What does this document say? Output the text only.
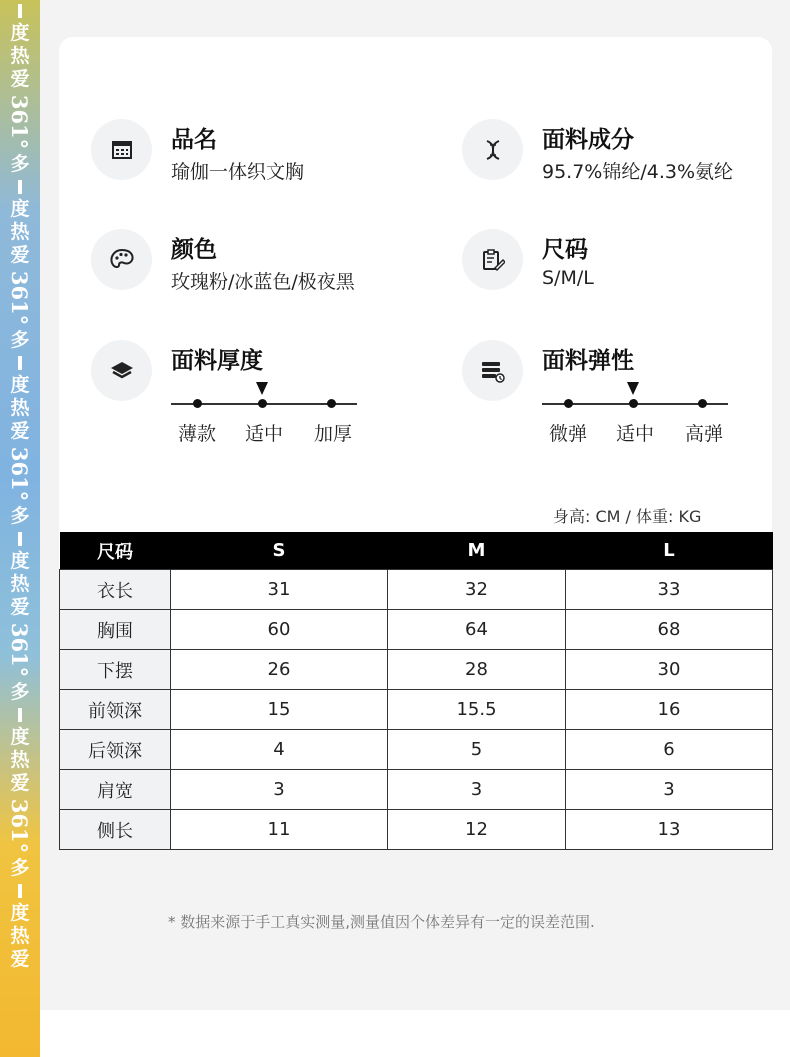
度
热
爱
361°
多
度
热
爱
361°
多
度
热
爱
361°
多
度
热
爱
361°
多
度
热
爱
361°
多
度
热
爱
品名
瑜伽一体织文胸
面料成分
95.7%锦纶/4.3%氨纶
颜色
玫瑰粉/冰蓝色/极夜黑
尺码
S/M/L
面料厚度
薄款 适中 加厚
面料弹性
微弹 适中 高弹
身高: CM / 体重: KG
尺码	S	M	L
衣长	31	32	33
胸围	60	64	68
下摆	26	28	30
前领深	15	15.5	16
后领深	4	5	6
肩宽	3	3	3
侧长	11	12	13
* 数据来源于手工真实测量,测量值因个体差异有一定的误差范围.
